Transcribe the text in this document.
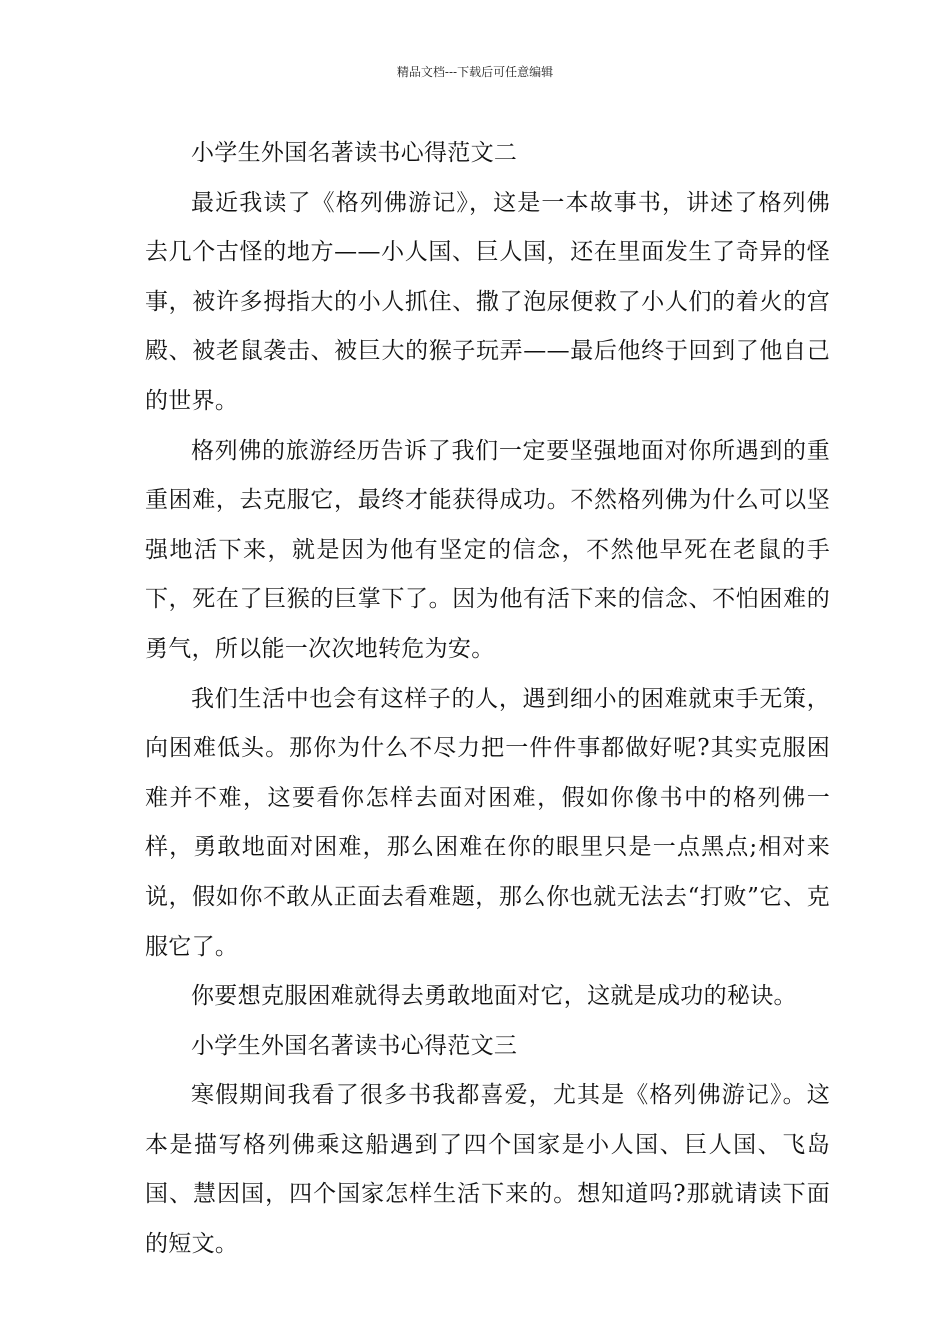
精品文档---下载后可任意编辑

小学生外国名著读书心得范文二

最近我读了《格列佛游记》，这是一本故事书，讲述了格列佛去几个古怪的地方——小人国、巨人国，还在里面发生了奇异的怪事，被许多拇指大的小人抓住、撒了泡尿便救了小人们的着火的宫殿、被老鼠袭击、被巨大的猴子玩弄——最后他终于回到了他自己的世界。

格列佛的旅游经历告诉了我们一定要坚强地面对你所遇到的重重困难，去克服它，最终才能获得成功。不然格列佛为什么可以坚强地活下来，就是因为他有坚定的信念，不然他早死在老鼠的手下，死在了巨猴的巨掌下了。因为他有活下来的信念、不怕困难的勇气，所以能一次次地转危为安。

我们生活中也会有这样子的人，遇到细小的困难就束手无策，向困难低头。那你为什么不尽力把一件件事都做好呢?其实克服困难并不难，这要看你怎样去面对困难，假如你像书中的格列佛一样，勇敢地面对困难，那么困难在你的眼里只是一点黑点;相对来说，假如你不敢从正面去看难题，那么你也就无法去“打败”它、克服它了。

你要想克服困难就得去勇敢地面对它，这就是成功的秘诀。

小学生外国名著读书心得范文三

寒假期间我看了很多书我都喜爱，尤其是《格列佛游记》。这本是描写格列佛乘这船遇到了四个国家是小人国、巨人国、飞岛国、慧因国，四个国家怎样生活下来的。想知道吗?那就请读下面的短文。
